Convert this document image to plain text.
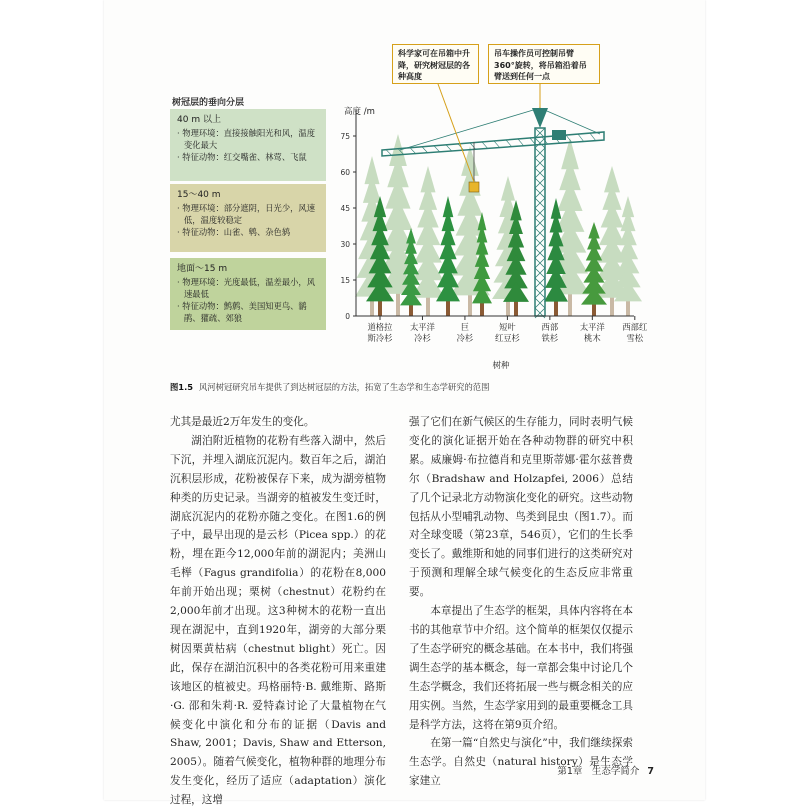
树冠层的垂向分层
40 m 以上
· 物理环境：直接接触阳光和风，温度变化最大
· 特征动物：红交嘴雀、林莺、飞鼠
15～40 m
· 物理环境：部分遮阴，日光少，风速低，温度较稳定
· 特征动物：山雀、鹎、杂色鸫
地面～15 m
· 物理环境：光度最低，温差最小，风速最低
· 特征动物：鹪鹩、美国知更鸟、鹟鹃、獾疏、郊狼
科学家可在吊箱中升降，研究树冠层的各种高度
吊车操作员可控制吊臂360°旋转，将吊箱沿着吊臂送到任何一点
高度 /m
0
15
30
45
60
75
道格拉斯冷杉
太平洋冷杉
巨冷杉
短叶红豆杉
西部铁杉
太平洋桃木
西部红雪松
树种
图1.5 风河树冠研究吊车提供了到达树冠层的方法，拓宽了生态学和生态学研究的范围

尤其是最近2万年发生的变化。

湖泊附近植物的花粉有些落入湖中，然后下沉，并埋入湖底沉泥内。数百年之后，湖泊沉积层形成，花粉被保存下来，成为湖旁植物种类的历史记录。当湖旁的植被发生变迁时，湖底沉泥内的花粉亦随之变化。在图1.6的例子中，最早出现的是云杉（Picea spp.）的花粉，埋在距今12,000年前的湖泥内；美洲山毛榉（Fagus grandifolia）的花粉在8,000年前开始出现；栗树（chestnut）花粉约在2,000年前才出现。这3种树木的花粉一直出现在湖泥中，直到1920年，湖旁的大部分栗树因栗黄枯病（chestnut blight）死亡。因此，保存在湖泊沉积中的各类花粉可用来重建该地区的植被史。玛格丽特·B. 戴维斯、路斯·G. 邵和朱莉·R. 爱特森讨论了大量植物在气候变化中演化和分布的证据（Davis and Shaw, 2001；Davis, Shaw and Etterson, 2005）。随着气候变化，植物种群的地理分布发生变化，经历了适应（adaptation）演化过程，这增

强了它们在新气候区的生存能力，同时表明气候变化的演化证据开始在各种动物群的研究中积累。威廉姆·布拉德肖和克里斯蒂娜·霍尔兹普费尔（Bradshaw and Holzapfei, 2006）总结了几个记录北方动物演化变化的研究。这些动物包括从小型哺乳动物、鸟类到昆虫（图1.7）。而对全球变暖（第23章，546页），它们的生长季变长了。戴维斯和她的同事们进行的这类研究对于预测和理解全球气候变化的生态反应非常重要。

本章提出了生态学的框架，具体内容将在本书的其他章节中介绍。这个简单的框架仅仅提示了生态学研究的概念基础。在本书中，我们将强调生态学的基本概念，每一章都会集中讨论几个生态学概念，我们还将拓展一些与概念相关的应用实例。当然，生态学家用到的最重要概念工具是科学方法，这将在第9页介绍。

在第一篇“自然史与演化”中，我们继续探索生态学。自然史（natural history）是生态学家建立

第1章　生态学简介 7
